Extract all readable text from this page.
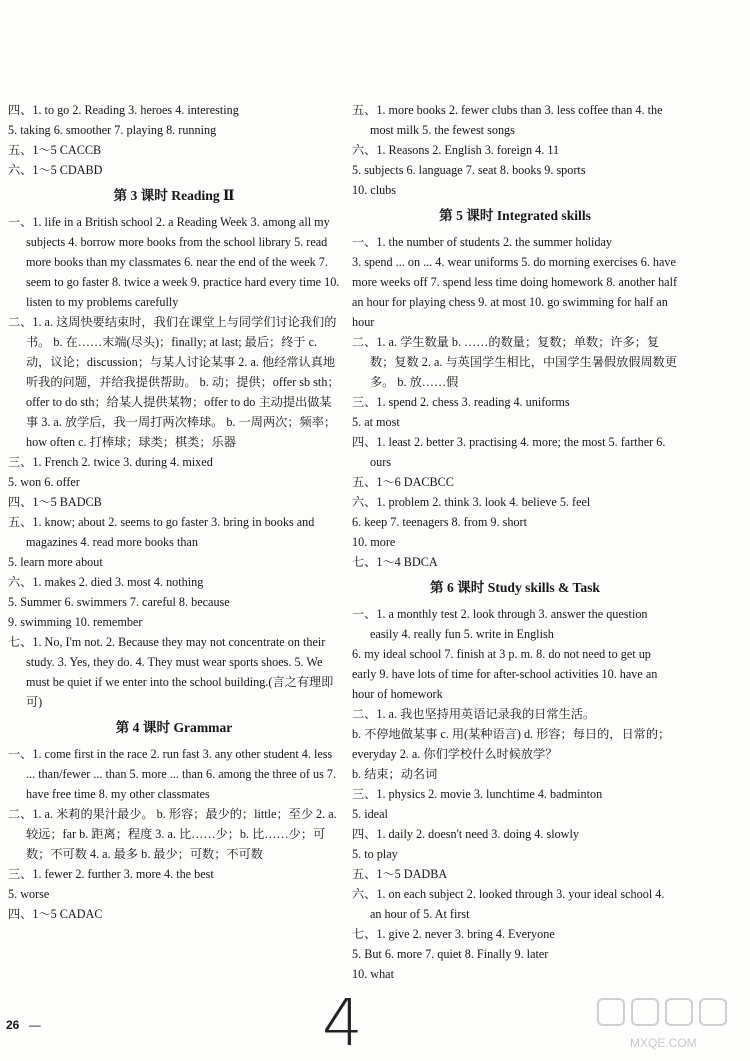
四、1. to go 2. Reading 3. heroes 4. interesting
5. taking 6. smoother 7. playing 8. running
五、1～5 CACCB
六、1～5 CDABD
第 3 课时 Reading Ⅱ
一、1. life in a British school 2. a Reading Week 3. among all my subjects 4. borrow more books from the school library 5. read more books than my classmates 6. near the end of the week 7. seem to go faster 8. twice a week 9. practice hard every time 10. listen to my problems carefully
二、1. a. 这周快要结束时，我们在课堂上与同学们讨论我们的书。 b. 在……末端(尽头)；finally; at last; 最后；终于 c. 动，议论；discussion；与某人讨论某事 2. a. 他经常认真地听我的问题，并给我提供帮助。 b. 动；提供；offer sb sth；offer to do sth；给某人提供某物；offer to do 主动提出做某事 3. a. 放学后，我一周打两次棒球。 b. 一周两次；频率；how often c. 打棒球；球类；棋类；乐器
三、1. French 2. twice 3. during 4. mixed
5. won 6. offer
四、1～5 BADCB
五、1. know; about 2. seems to go faster 3. bring in books and magazines 4. read more books than
5. learn more about
六、1. makes 2. died 3. most 4. nothing
5. Summer 6. swimmers 7. careful 8. because
9. swimming 10. remember
七、1. No, I'm not. 2. Because they may not concentrate on their study. 3. Yes, they do. 4. They must wear sports shoes. 5. We must be quiet if we enter into the school building.(言之有理即可)
第 4 课时 Grammar
一、1. come first in the race 2. run fast 3. any other student 4. less ... than/fewer ... than 5. more ... than 6. among the three of us 7. have free time 8. my other classmates
二、1. a. 米莉的果汁最少。 b. 形容；最少的；little；至少 2. a. 较远；far b. 距离；程度 3. a. 比……少；b. 比……少；可数；不可数 4. a. 最多 b. 最少；可数；不可数
三、1. fewer 2. further 3. more 4. the best
5. worse
四、1～5 CADAC
五、1. more books 2. fewer clubs than 3. less coffee than 4. the most milk 5. the fewest songs
六、1. Reasons 2. English 3. foreign 4. 11
5. subjects 6. language 7. seat 8. books 9. sports
10. clubs
第 5 课时 Integrated skills
一、1. the number of students 2. the summer holiday
3. spend ... on ... 4. wear uniforms 5. do morning exercises 6. have more weeks off 7. spend less time doing homework 8. another half an hour for playing chess 9. at most 10. go swimming for half an hour
二、1. a. 学生数量 b. ……的数量；复数；单数；许多；复数；复数 2. a. 与英国学生相比，中国学生暑假放假周数更多。 b. 放……假
三、1. spend 2. chess 3. reading 4. uniforms
5. at most
四、1. least 2. better 3. practising 4. more; the most 5. farther 6. ours
五、1～6 DACBCC
六、1. problem 2. think 3. look 4. believe 5. feel
6. keep 7. teenagers 8. from 9. short
10. more
七、1～4 BDCA
第 6 课时 Study skills & Task
一、1. a monthly test 2. look through 3. answer the question easily 4. really fun 5. write in English
6. my ideal school 7. finish at 3 p. m. 8. do not need to get up early 9. have lots of time for after-school activities 10. have an hour of homework
二、1. a. 我也坚持用英语记录我的日常生活。
b. 不停地做某事 c. 用(某种语言) d. 形容；每日的，日常的；everyday 2. a. 你们学校什么时候放学？
b. 结束；动名词
三、1. physics 2. movie 3. lunchtime 4. badminton
5. ideal
四、1. daily 2. doesn't need 3. doing 4. slowly
5. to play
五、1～5 DADBA
六、1. on each subject 2. looked through 3. your ideal school 4. an hour of 5. At first
七、1. give 2. never 3. bring 4. Everyone
5. But 6. more 7. quiet 8. Finally 9. later
10. what
26 —	4	MXQE.COM
